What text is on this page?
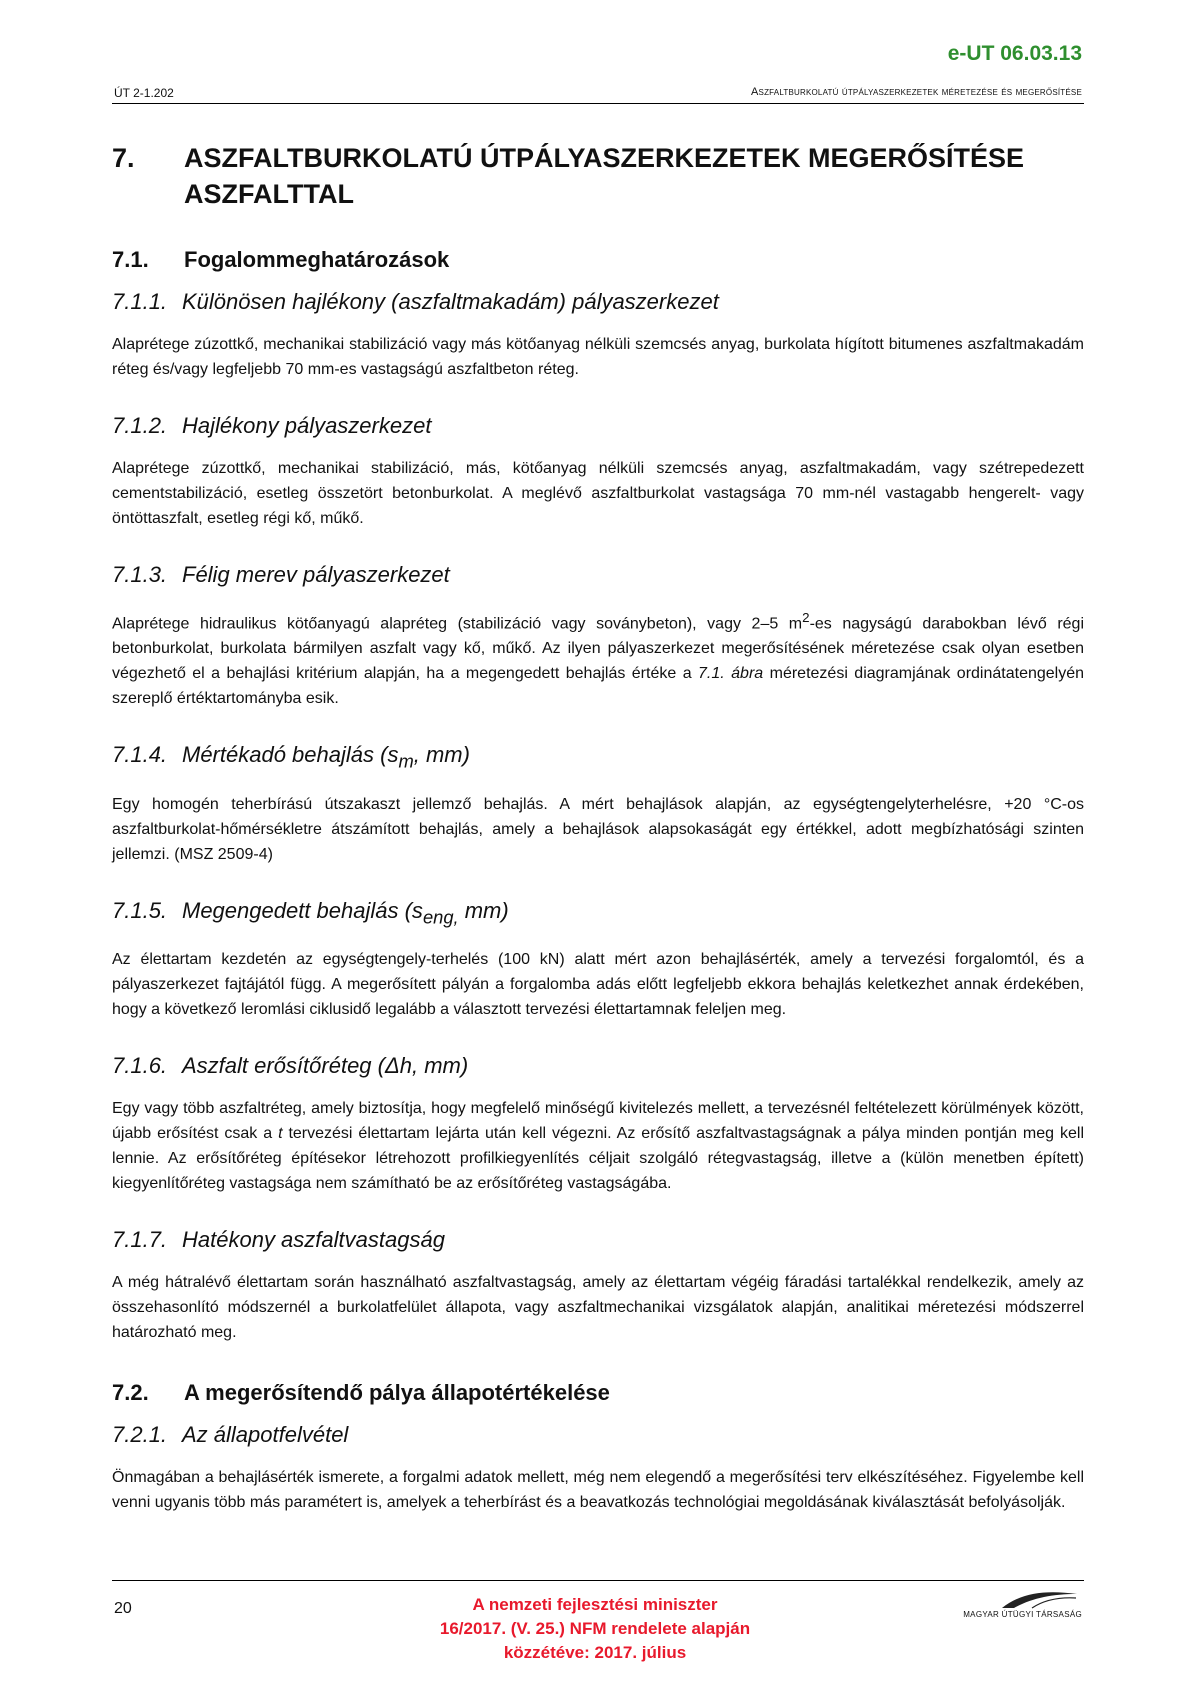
e-UT 06.03.13
ÚT 2-1.202	Aszfaltburkolatú útpályaszerkezetek méretezése és megerősítése
7.	ASZFALTBURKOLATÚ ÚTPÁLYASZERKEZETEK MEGERŐSÍTÉSE ASZFALTTAL
7.1.	Fogalommeghatározások
7.1.1. Különösen hajlékony (aszfaltmakadám) pályaszerkezet
Alaprétege zúzottkő, mechanikai stabilizáció vagy más kötőanyag nélküli szemcsés anyag, burkolata hígított bitumenes aszfaltmakadám réteg és/vagy legfeljebb 70 mm-es vastagságú aszfaltbeton réteg.
7.1.2. Hajlékony pályaszerkezet
Alaprétege zúzottkő, mechanikai stabilizáció, más, kötőanyag nélküli szemcsés anyag, aszfaltmakadám, vagy szétrepedezett cementstabilizáció, esetleg összetört betonburkolat. A meglévő aszfaltburkolat vastagsága 70 mm-nél vastagabb hengerelt- vagy öntöttaszfalt, esetleg régi kő, műkő.
7.1.3. Félig merev pályaszerkezet
Alaprétege hidraulikus kötőanyagú alapréteg (stabilizáció vagy soványbeton), vagy 2–5 $m^2-es$ nagyságú darabokban lévő régi betonburkolat, burkolata bármilyen aszfalt vagy kő, műkő. Az ilyen pályaszerkezet megerősítésének méretezése csak olyan esetben végezhető el a behajlási kritérium alapján, ha a megengedett behajlás értéke a 7.1. ábra méretezési diagramjának ordinátatengelyén szereplő értéktartományba esik.
7.1.4. Mértékadó behajlás ($s_m$, mm)
Egy homogén teherbírású útszakaszt jellemző behajlás. A mért behajlások alapján, az egységtengelyterhelésre, +20 °C-os aszfaltburkolat-hőmérsékletre átszámított behajlás, amely a behajlások alapsokaságát egy értékkel, adott megbízhatósági szinten jellemzi. (MSZ 2509-4)
7.1.5. Megengedett behajlás ($s_{eng,}$ mm)
Az élettartam kezdetén az egységtengely-terhelés (100 kN) alatt mért azon behajlásérték, amely a tervezési forgalomtól, és a pályaszerkezet fajtájától függ. A megerősített pályán a forgalomba adás előtt legfeljebb ekkora behajlás keletkezhet annak érdekében, hogy a következő leromlási ciklusidő legalább a választott tervezési élettartamnak feleljen meg.
7.1.6. Aszfalt erősítőréteg (Δh, mm)
Egy vagy több aszfaltréteg, amely biztosítja, hogy megfelelő minőségű kivitelezés mellett, a tervezésnél feltételezett körülmények között, újabb erősítést csak a t tervezési élettartam lejárta után kell végezni. Az erősítő aszfaltvastagságnak a pálya minden pontján meg kell lennie. Az erősítőréteg építésekor létrehozott profilkiegyenlítés céljait szolgáló rétegvastagság, illetve a (külön menetben épített) kiegyenlítőréteg vastagsága nem számítható be az erősítőréteg vastagságába.
7.1.7. Hatékony aszfaltvastagság
A még hátralévő élettartam során használható aszfaltvastagság, amely az élettartam végéig fáradási tartalékkal rendelkezik, amely az összehasonlító módszernél a burkolatfelület állapota, vagy aszfaltmechanikai vizsgálatok alapján, analitikai méretezési módszerrel határozható meg.
7.2.	A megerősítendő pálya állapotértékelése
7.2.1. Az állapotfelvétel
Önmagában a behajlásérték ismerete, a forgalmi adatok mellett, még nem elegendő a megerősítési terv elkészítéséhez. Figyelembe kell venni ugyanis több más paramétert is, amelyek a teherbírást és a beavatkozás technológiai megoldásának kiválasztását befolyásolják.
20	A nemzeti fejlesztési miniszter
16/2017. (V. 25.) NFM rendelete alapján
közzétéve: 2017. július
MAGYAR ÚTÜGYI TÁRSASÁG
